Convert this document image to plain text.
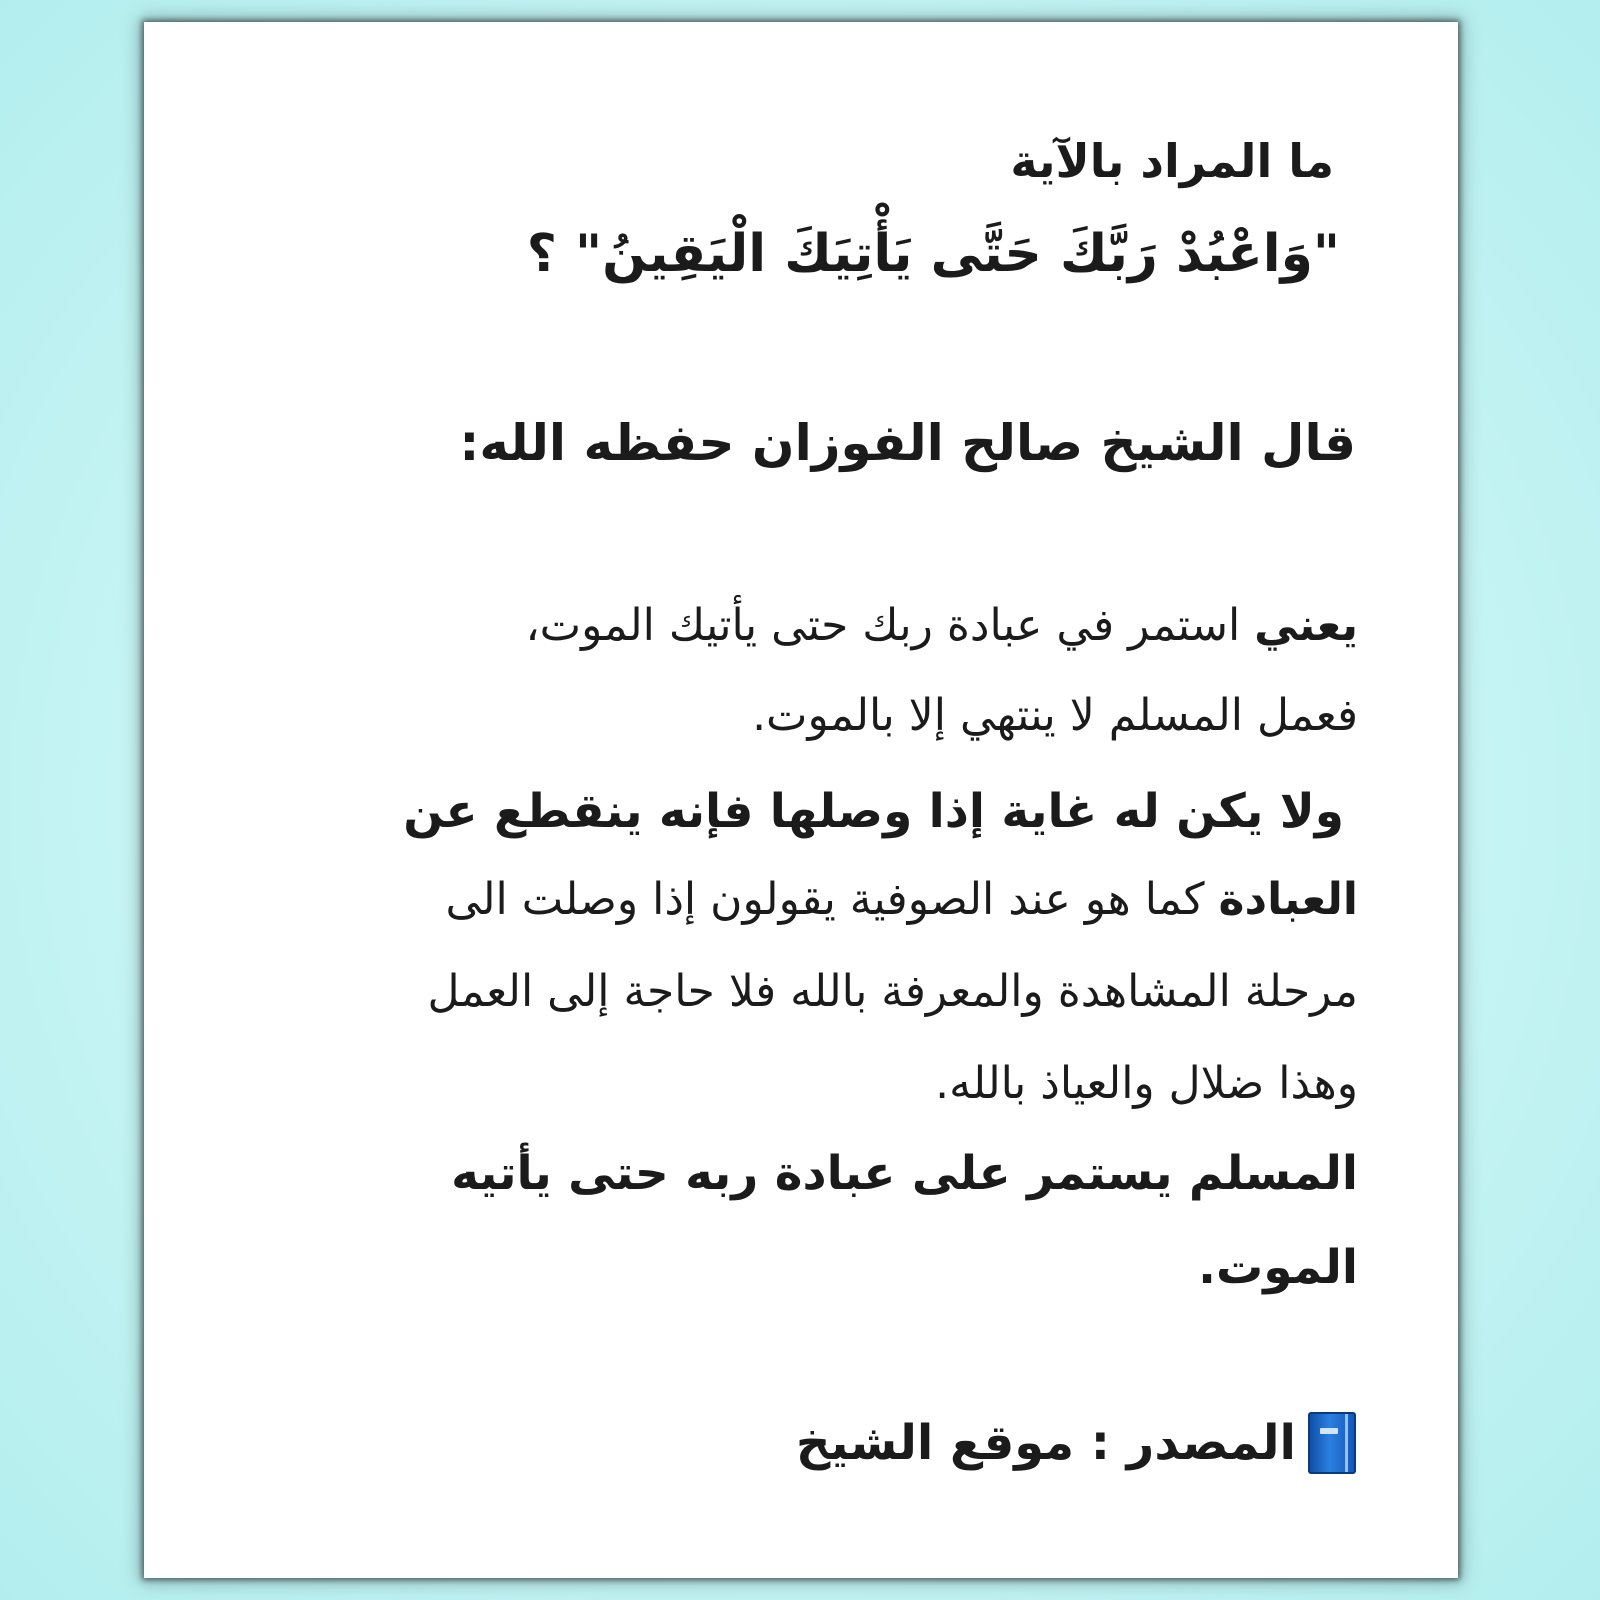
ما المراد بالآية
"وَاعْبُدْ رَبَّكَ حَتَّى يَأْتِيَكَ الْيَقِينُ" ؟
قال الشيخ صالح الفوزان حفظه الله:
يعني استمر في عبادة ربك حتى يأتيك الموت،
فعمل المسلم لا ينتهي إلا بالموت.
ولا يكن له غاية إذا وصلها فإنه ينقطع عن
العبادة كما هو عند الصوفية يقولون إذا وصلت الى
مرحلة المشاهدة والمعرفة بالله فلا حاجة إلى العمل
وهذا ضلال والعياذ بالله.
المسلم يستمر على عبادة ربه حتى يأتيه
الموت.
المصدر : موقع الشيخ
